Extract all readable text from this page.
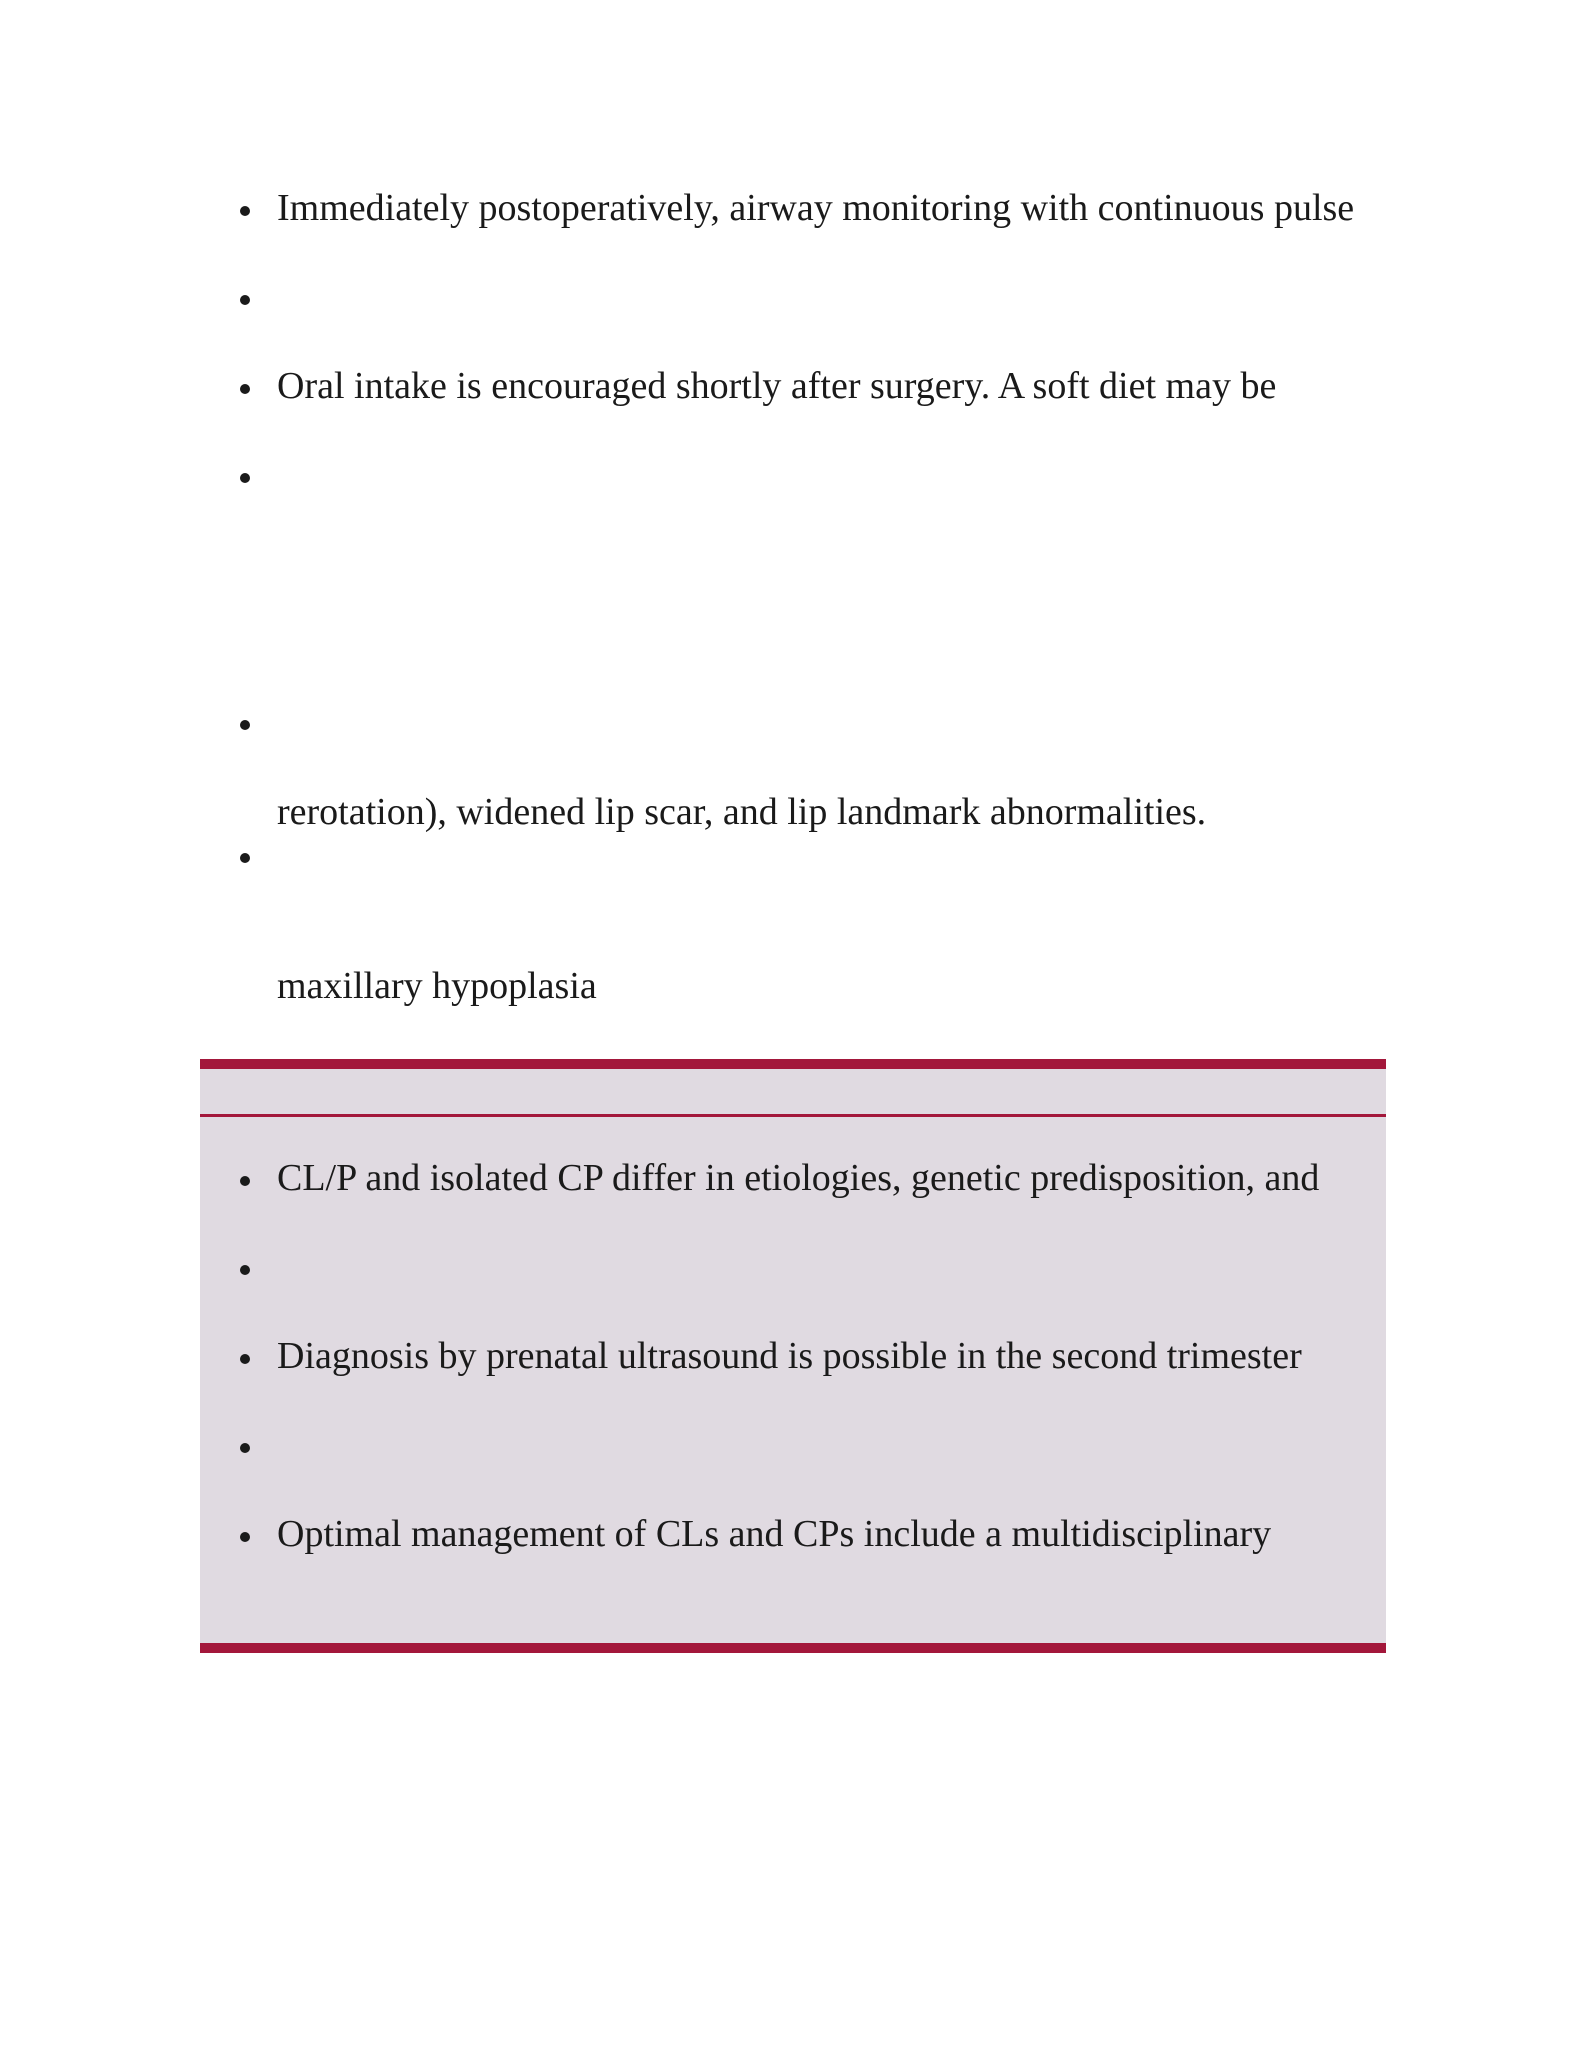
Immediately postoperatively, airway monitoring with continuous pulse
Oral intake is encouraged shortly after surgery. A soft diet may be
rerotation), widened lip scar, and lip landmark abnormalities.
maxillary hypoplasia
CL/P and isolated CP differ in etiologies, genetic predisposition, and
Diagnosis by prenatal ultrasound is possible in the second trimester
Optimal management of CLs and CPs include a multidisciplinary
